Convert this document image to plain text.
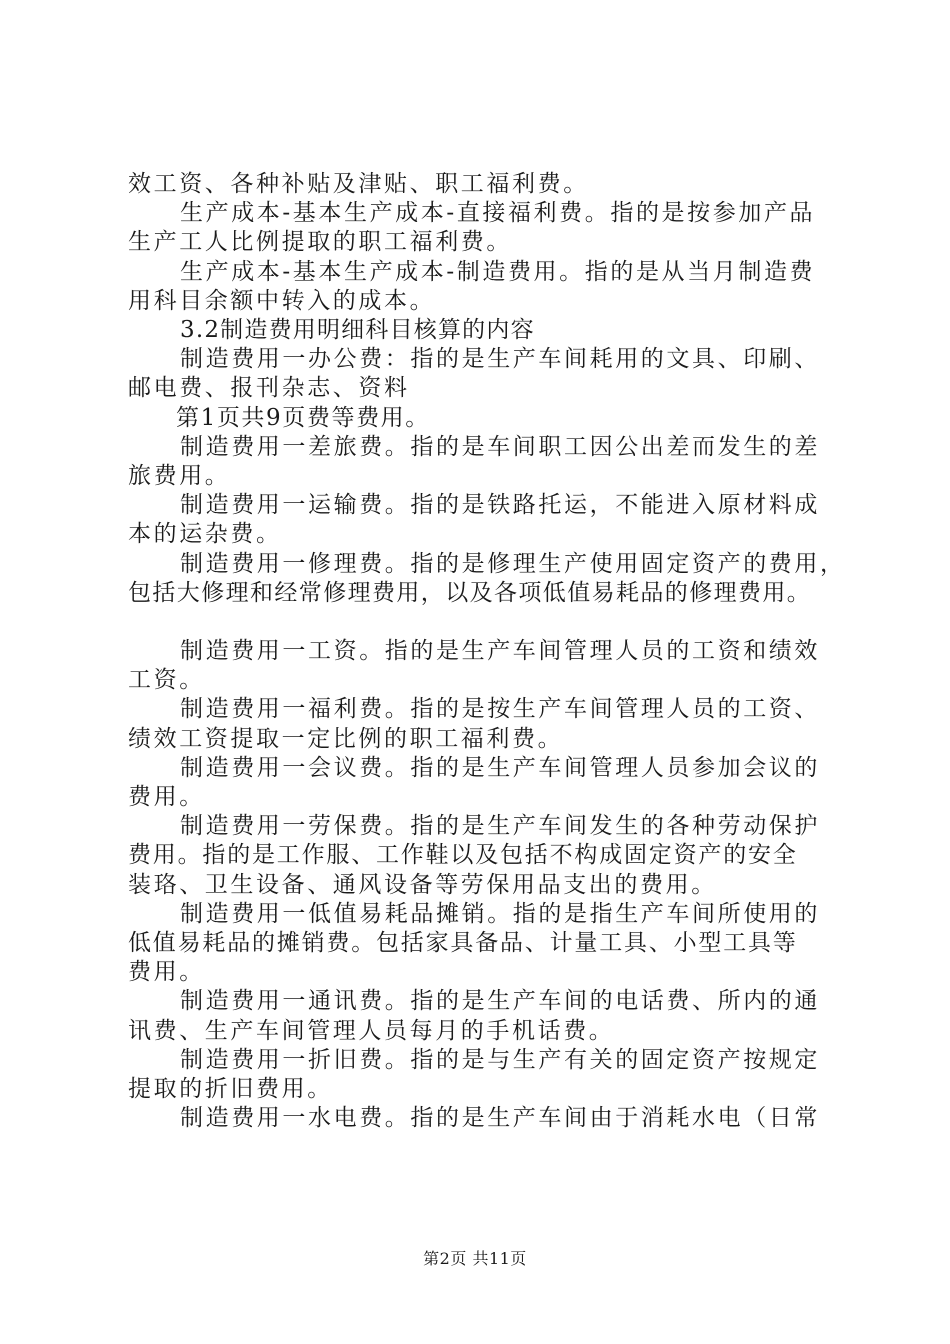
效工资、各种补贴及津贴、职工福利费。
生产成本-基本生产成本-直接福利费。指的是按参加产品
生产工人比例提取的职工福利费。
生产成本-基本生产成本-制造费用。指的是从当月制造费
用科目余额中转入的成本。
3.2制造费用明细科目核算的内容
制造费用一办公费：指的是生产车间耗用的文具、印刷、
邮电费、报刊杂志、资料
第1页共9页费等费用。
制造费用一差旅费。指的是车间职工因公出差而发生的差
旅费用。
制造费用一运输费。指的是铁路托运，不能进入原材料成
本的运杂费。
制造费用一修理费。指的是修理生产使用固定资产的费用，
包括大修理和经常修理费用，以及各项低值易耗品的修理费用。
制造费用一工资。指的是生产车间管理人员的工资和绩效
工资。
制造费用一福利费。指的是按生产车间管理人员的工资、
绩效工资提取一定比例的职工福利费。
制造费用一会议费。指的是生产车间管理人员参加会议的
费用。
制造费用一劳保费。指的是生产车间发生的各种劳动保护
费用。指的是工作服、工作鞋以及包括不构成固定资产的安全
装珞、卫生设备、通风设备等劳保用品支出的费用。
制造费用一低值易耗品摊销。指的是指生产车间所使用的
低值易耗品的摊销费。包括家具备品、计量工具、小型工具等
费用。
制造费用一通讯费。指的是生产车间的电话费、所内的通
讯费、生产车间管理人员每月的手机话费。
制造费用一折旧费。指的是与生产有关的固定资产按规定
提取的折旧费用。
制造费用一水电费。指的是生产车间由于消耗水电（日常
第2页 共11页
